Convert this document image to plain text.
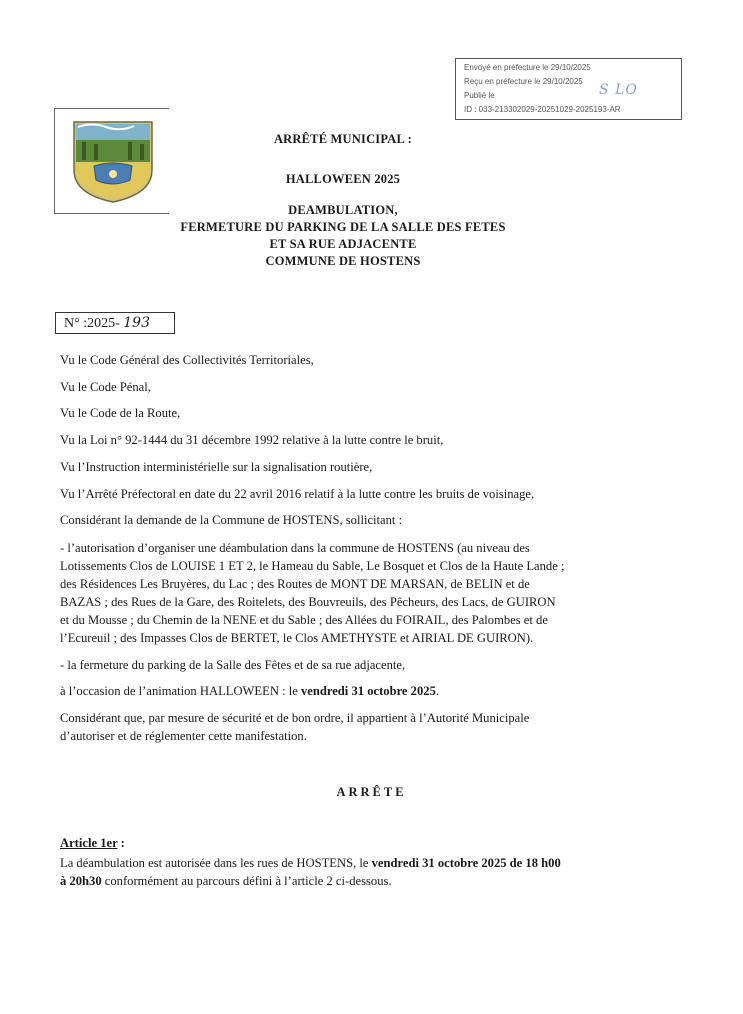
Envoyé en préfecture le 29/10/2025
Reçu en préfecture le 29/10/2025
Publié le	S LO
ID : 033-213302029-20251029-2025193-AR
ARRÊTÉ MUNICIPAL :
HALLOWEEN 2025
DEAMBULATION,
FERMETURE DU PARKING DE LA SALLE DES FETES
ET SA RUE ADJACENTE
COMMUNE DE HOSTENS
N° :2025- 193
Vu le Code Général des Collectivités Territoriales,
Vu le Code Pénal,
Vu le Code de la Route,
Vu la Loi n° 92-1444 du 31 décembre 1992 relative à la lutte contre le bruit,
Vu l’Instruction interministérielle sur la signalisation routière,
Vu l’Arrêté Préfectoral en date du 22 avril 2016 relatif à la lutte contre les bruits de voisinage,
Considérant la demande de la Commune de HOSTENS, sollicitant :
- l’autorisation d’organiser une déambulation dans la commune de HOSTENS (au niveau des
Lotissements Clos de LOUISE 1 ET 2, le Hameau du Sable, Le Bosquet et Clos de la Haute Lande ;
des Résidences Les Bruyères, du Lac ; des Routes de MONT DE MARSAN, de BELIN et de
BAZAS ; des Rues de la Gare, des Roitelets, des Bouvreuils, des Pêcheurs, des Lacs, de GUIRON
et du Mousse ; du Chemin de la NENE et du Sable ; des Allées du FOIRAIL, des Palombes et de
l’Ecureuil ; des Impasses Clos de BERTET, le Clos AMETHYSTE et AIRIAL DE GUIRON).
- la fermeture du parking de la Salle des Fêtes et de sa rue adjacente,
à l’occasion de l’animation HALLOWEEN : le vendredi 31 octobre 2025.
Considérant que, par mesure de sécurité et de bon ordre, il appartient à l’Autorité Municipale
d’autoriser et de réglementer cette manifestation.
ARRÊTE
Article 1er :
La déambulation est autorisée dans les rues de HOSTENS, le vendredi 31 octobre 2025 de 18 h00
à 20h30 conformément au parcours défini à l’article 2 ci-dessous.
